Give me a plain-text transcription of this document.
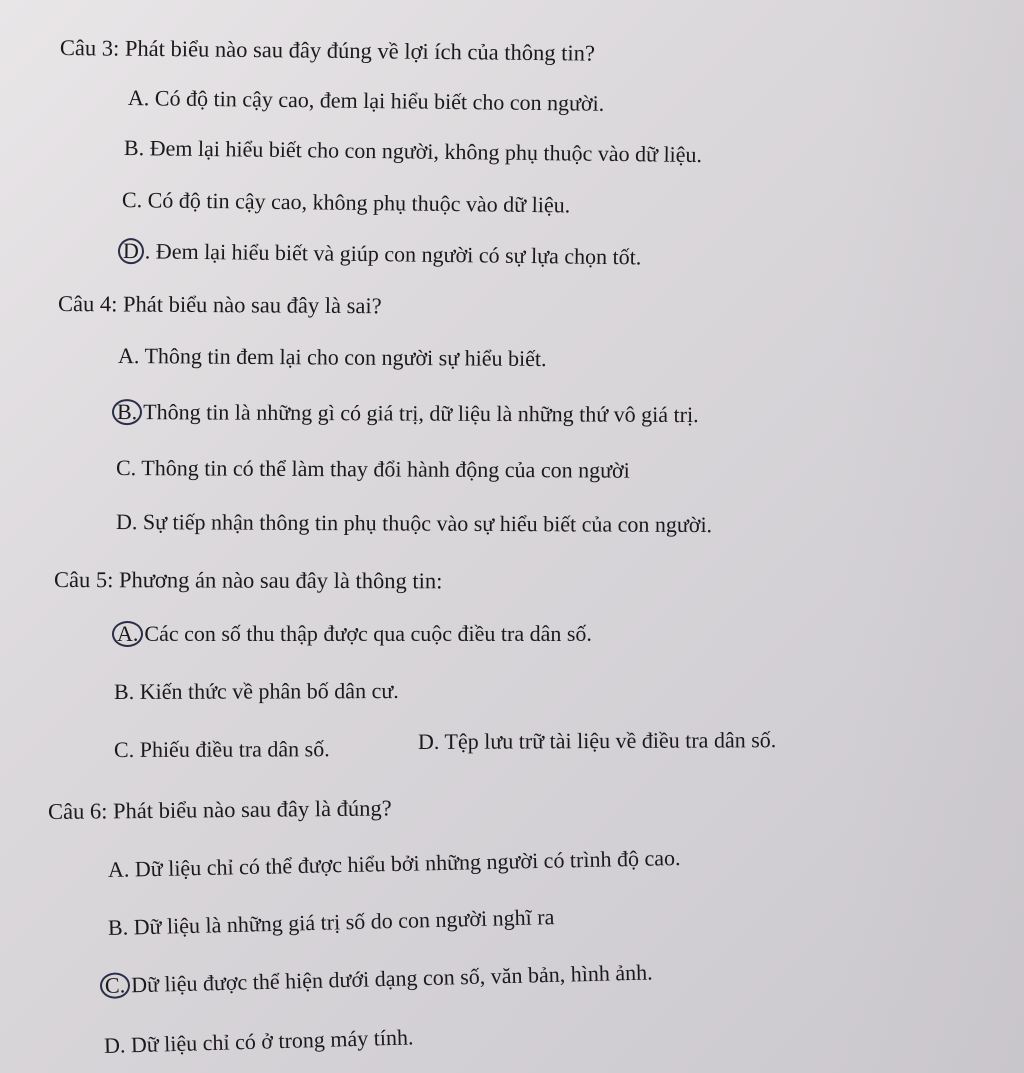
Câu 3: Phát biểu nào sau đây đúng về lợi ích của thông tin?
A. Có độ tin cậy cao, đem lại hiểu biết cho con người.
B. Đem lại hiểu biết cho con người, không phụ thuộc vào dữ liệu.
C. Có độ tin cậy cao, không phụ thuộc vào dữ liệu.
D . Đem lại hiểu biết và giúp con người có sự lựa chọn tốt.
Câu 4: Phát biểu nào sau đây là sai?
A. Thông tin đem lại cho con người sự hiểu biết.
B. Thông tin là những gì có giá trị, dữ liệu là những thứ vô giá trị.
C. Thông tin có thể làm thay đổi hành động của con người
D. Sự tiếp nhận thông tin phụ thuộc vào sự hiểu biết của con người.
Câu 5: Phương án nào sau đây là thông tin:
A. Các con số thu thập được qua cuộc điều tra dân số.
B. Kiến thức về phân bố dân cư.
C. Phiếu điều tra dân số.	D. Tệp lưu trữ tài liệu về điều tra dân số.
Câu 6: Phát biểu nào sau đây là đúng?
A. Dữ liệu chỉ có thể được hiểu bởi những người có trình độ cao.
B. Dữ liệu là những giá trị số do con người nghĩ ra
C. Dữ liệu được thể hiện dưới dạng con số, văn bản, hình ảnh.
D. Dữ liệu chỉ có ở trong máy tính.
